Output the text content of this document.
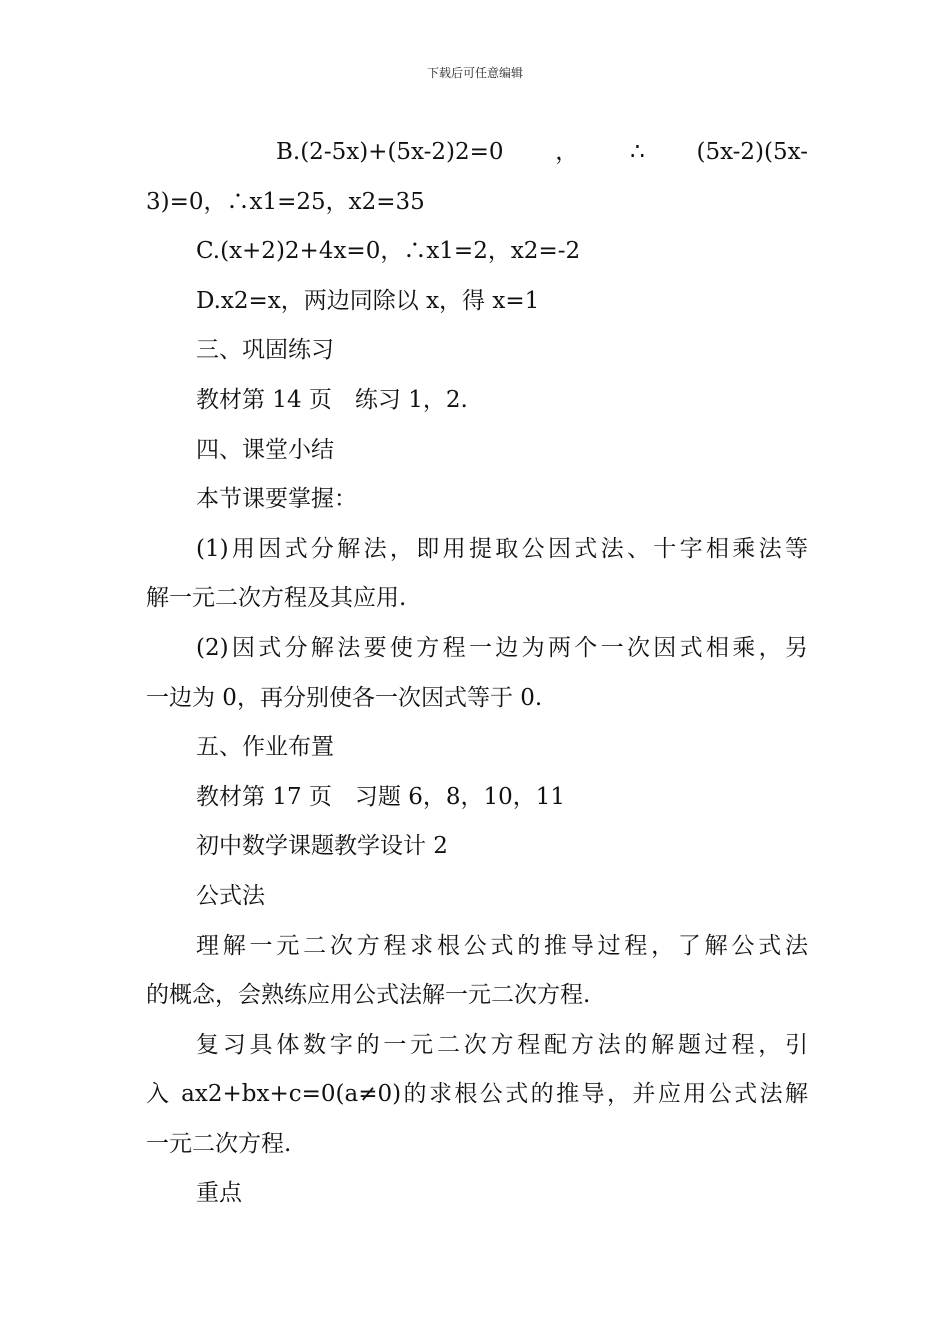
下载后可任意编辑
B.(2-5x)+(5x-2)2=0 ， ∴ (5x-2)(5x-
3)=0，∴x1=25，x2=35
C.(x+2)2+4x=0，∴x1=2，x2=-2
D.x2=x，两边同除以 x，得 x=1
三、巩固练习
教材第 14 页　练习 1，2.
四、课堂小结
本节课要掌握：
(1)用因式分解法，即用提取公因式法、十字相乘法等
解一元二次方程及其应用.
(2)因式分解法要使方程一边为两个一次因式相乘，另
一边为 0，再分别使各一次因式等于 0.
五、作业布置
教材第 17 页　习题 6，8，10，11
初中数学课题教学设计 2
公式法
理解一元二次方程求根公式的推导过程，了解公式法
的概念，会熟练应用公式法解一元二次方程.
复习具体数字的一元二次方程配方法的解题过程，引
入 ax2+bx+c=0(a≠0)的求根公式的推导，并应用公式法解
一元二次方程.
重点
